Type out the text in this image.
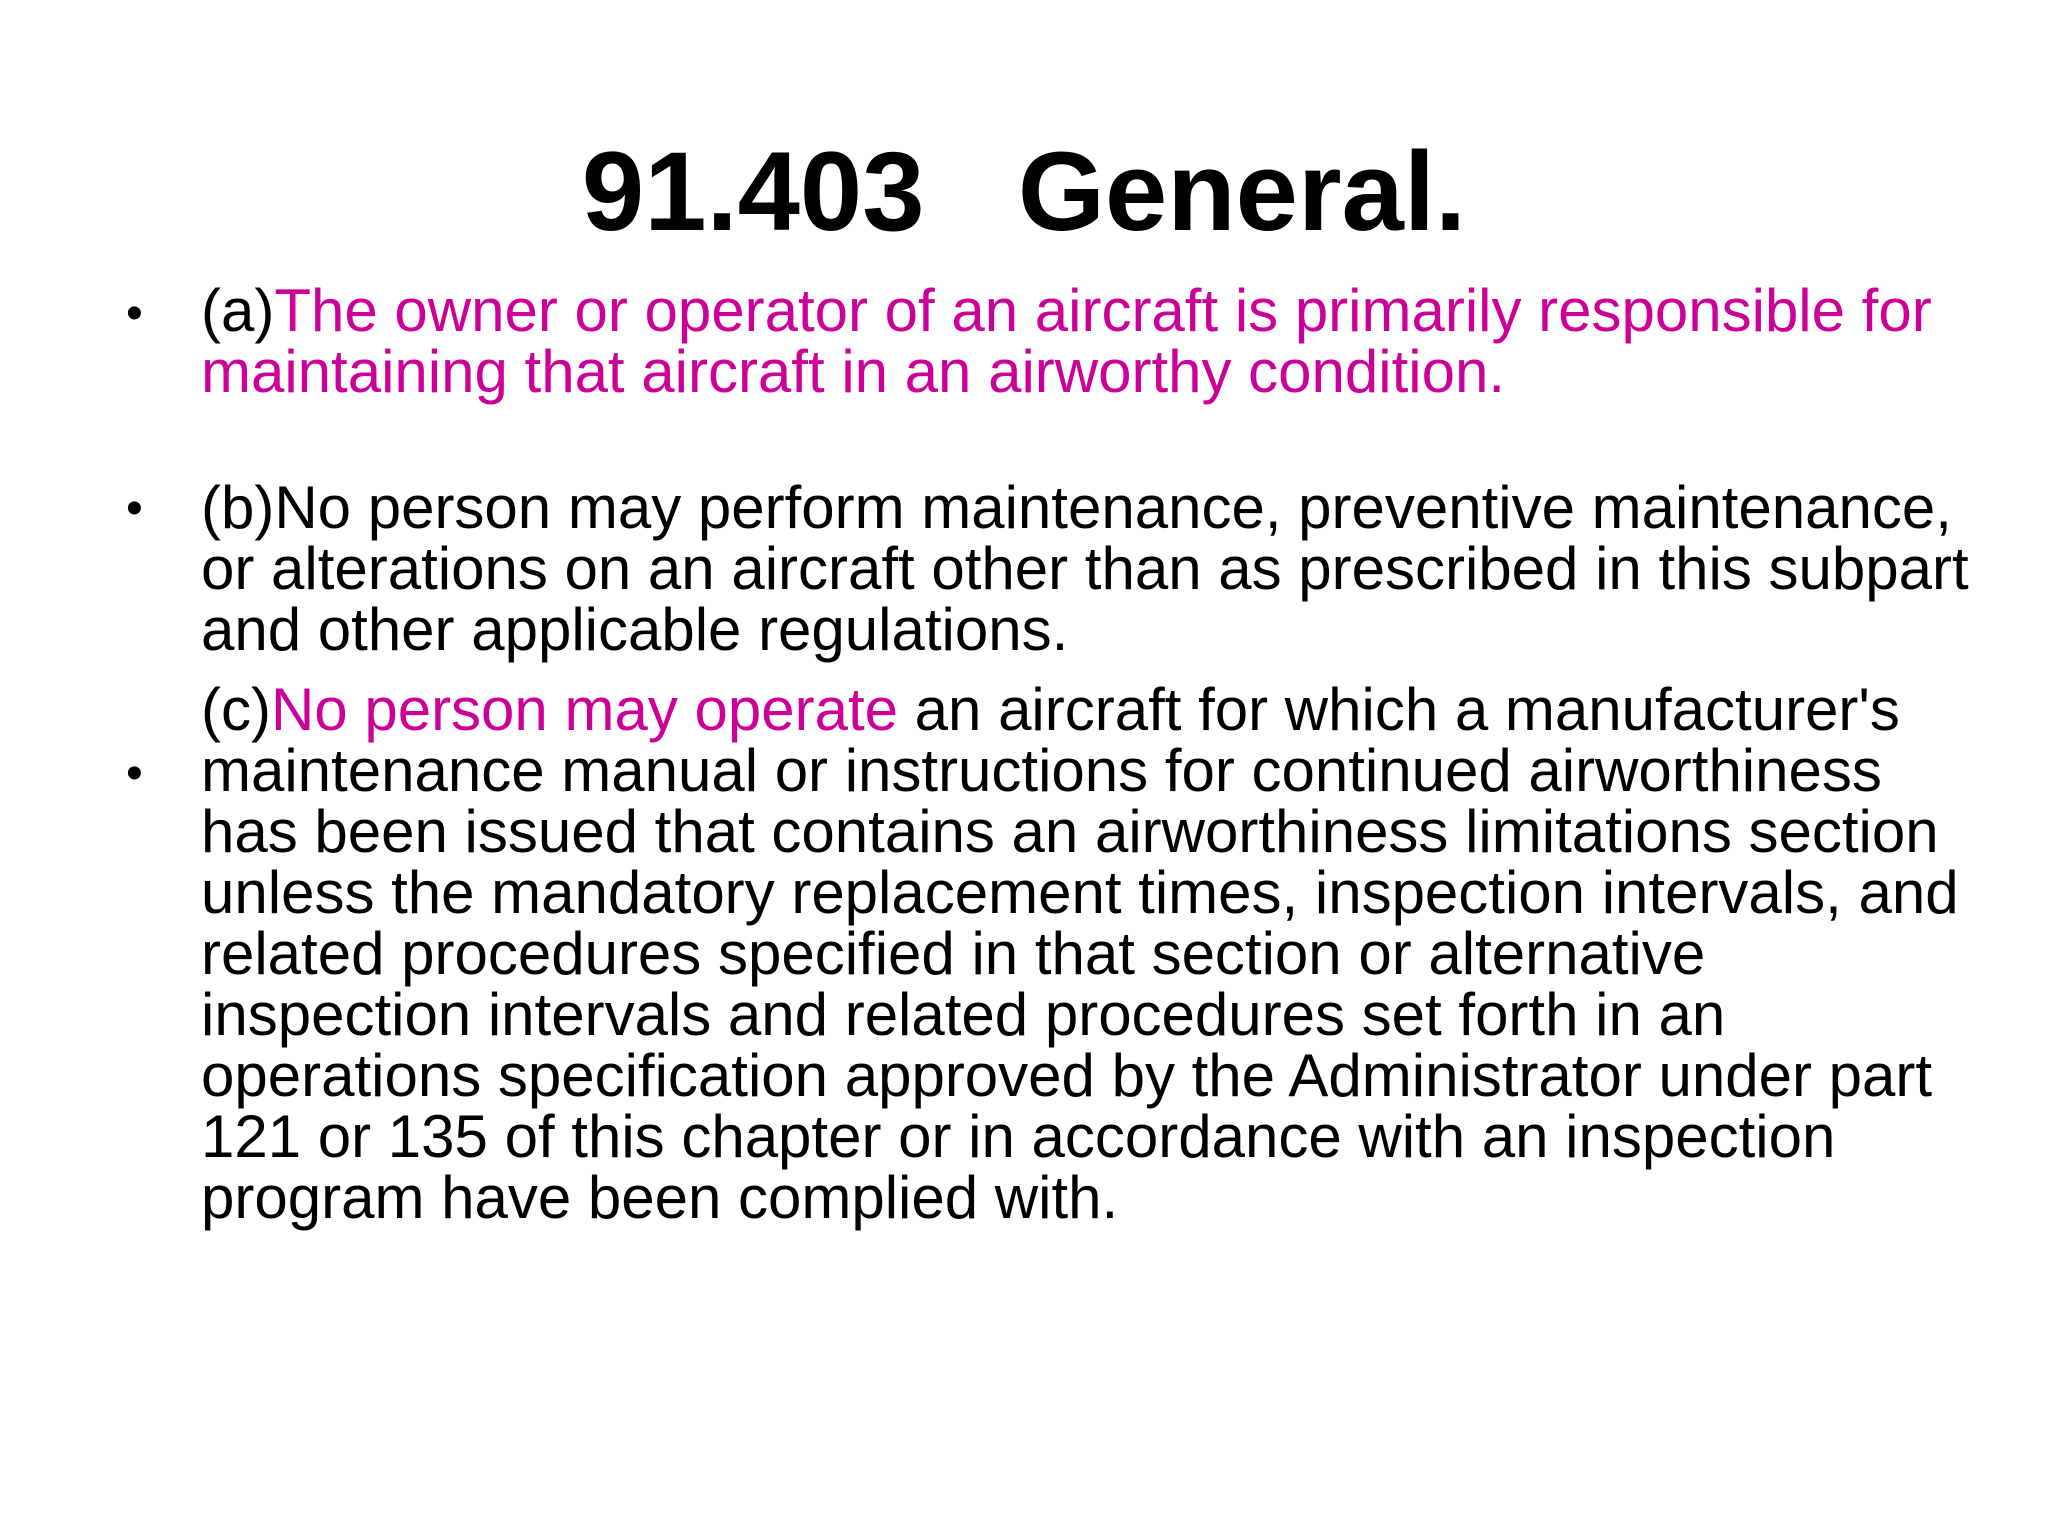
91.403   General.
• (a)The owner or operator of an aircraft is primarily responsible for maintaining that aircraft in an airworthy condition.

• (b)No person may perform maintenance, preventive maintenance, or alterations on an aircraft other than as prescribed in this subpart and other applicable regulations.

•

(c)No person may operate an aircraft for which a manufacturer's maintenance manual or instructions for continued airworthiness has been issued that contains an airworthiness limitations section unless the mandatory replacement times, inspection intervals, and related procedures specified in that section or alternative inspection intervals and related procedures set forth in an operations specification approved by the Administrator under part 121 or 135 of this chapter or in accordance with an inspection program have been complied with.
